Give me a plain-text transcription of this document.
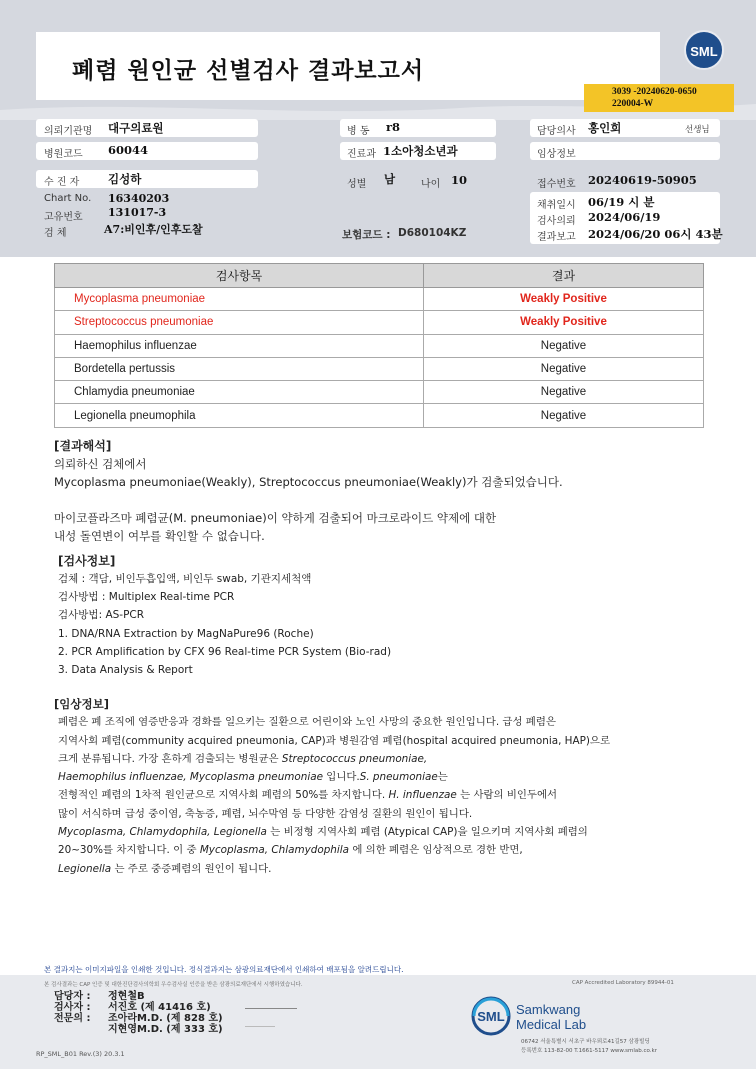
폐렴 원인균 선별검사 결과보고서
SML
3039 -20240620-0650
220004-W
의뢰기관명 대구의료원	병 동 r8	담당의사 홍인희	선생님
병원코드 60044	진료과 1소아청소년과	임상정보
수 진 자 김성하	성별 남	나이 10	접수번호 20240619-50905
Chart No. 16340203
고유번호 131017-3
검 체	A7:비인후/인후도찰	보험코드 : D680104KZ
채취일시 06/19 시 분
검사의뢰 2024/06/19
결과보고 2024/06/20 06시 43분
검사항목	결과
Mycoplasma pneumoniae	Weakly Positive
Streptococcus pneumoniae	Weakly Positive
Haemophilus influenzae	Negative
Bordetella pertussis	Negative
Chlamydia pneumoniae	Negative
Legionella pneumophila	Negative
[결과해석]
의뢰하신 검체에서
Mycoplasma pneumoniae(Weakly), Streptococcus pneumoniae(Weakly)가 검출되었습니다.
마이코플라즈마 폐렴균(M. pneumoniae)이 약하게 검출되어 마크로라이드 약제에 대한
내성 돌연변이 여부를 확인할 수 없습니다.
[검사정보]
검체 : 객담, 비인두흡입액, 비인두 swab, 기관지세척액
검사방법 : Multiplex Real-time PCR
검사방법: AS-PCR
1. DNA/RNA Extraction by MagNaPure96 (Roche)
2. PCR Amplification by CFX 96 Real-time PCR System (Bio-rad)
3. Data Analysis & Report
[임상정보]
폐렴은 폐 조직에 염증반응과 경화를 일으키는 질환으로 어린이와 노인 사망의 중요한 원인입니다. 급성 폐렴은
지역사회 폐렴(community acquired pneumonia, CAP)과 병원감염 폐렴(hospital acquired pneumonia, HAP)으로
크게 분류됩니다. 가장 흔하게 검출되는 병원균은 Streptococcus pneumoniae,
Haemophilus influenzae, Mycoplasma pneumoniae 입니다.S. pneumoniae는
전형적인 폐렴의 1차적 원인균으로 지역사회 폐렴의 50%를 차지합니다. H. influenzae 는 사람의 비인두에서
많이 서식하며 급성 중이염, 축농증, 폐렴, 뇌수막염 등 다양한 감염성 질환의 원인이 됩니다.
Mycoplasma, Chlamydophila, Legionella 는 비정형 지역사회 폐렴 (Atypical CAP)을 일으키며 지역사회 폐렴의
20~30%를 차지합니다. 이 중 Mycoplasma, Chlamydophila 에 의한 폐렴은 임상적으로 경한 반면,
Legionella 는 주로 중증폐렴의 원인이 됩니다.
본 결과지는 이미지파일을 인쇄한 것입니다. 정식결과지는 삼광의료재단에서 인쇄하여 배포됨을 알려드립니다.
본 검사결과는 CAP 인증 및 대한진단검사의학회 우수검사실 인증을 받은 삼광의료재단에서 시행하였습니다.	CAP Accredited Laboratory 89944-01
담당자 :	정현철B
검사자 :	서진호 (제 41416 호)
전문의 :	조아라M.D. (제 828 호)
지현영M.D. (제 333 호)
SML Samkwang
Medical Lab
06742 서울특별시 서초구 바우뫼로41길57 삼광빌딩
등록번호 113-82-00 T.1661-5117 www.smlab.co.kr
RP_SML_B01 Rev.(3) 20.3.1
